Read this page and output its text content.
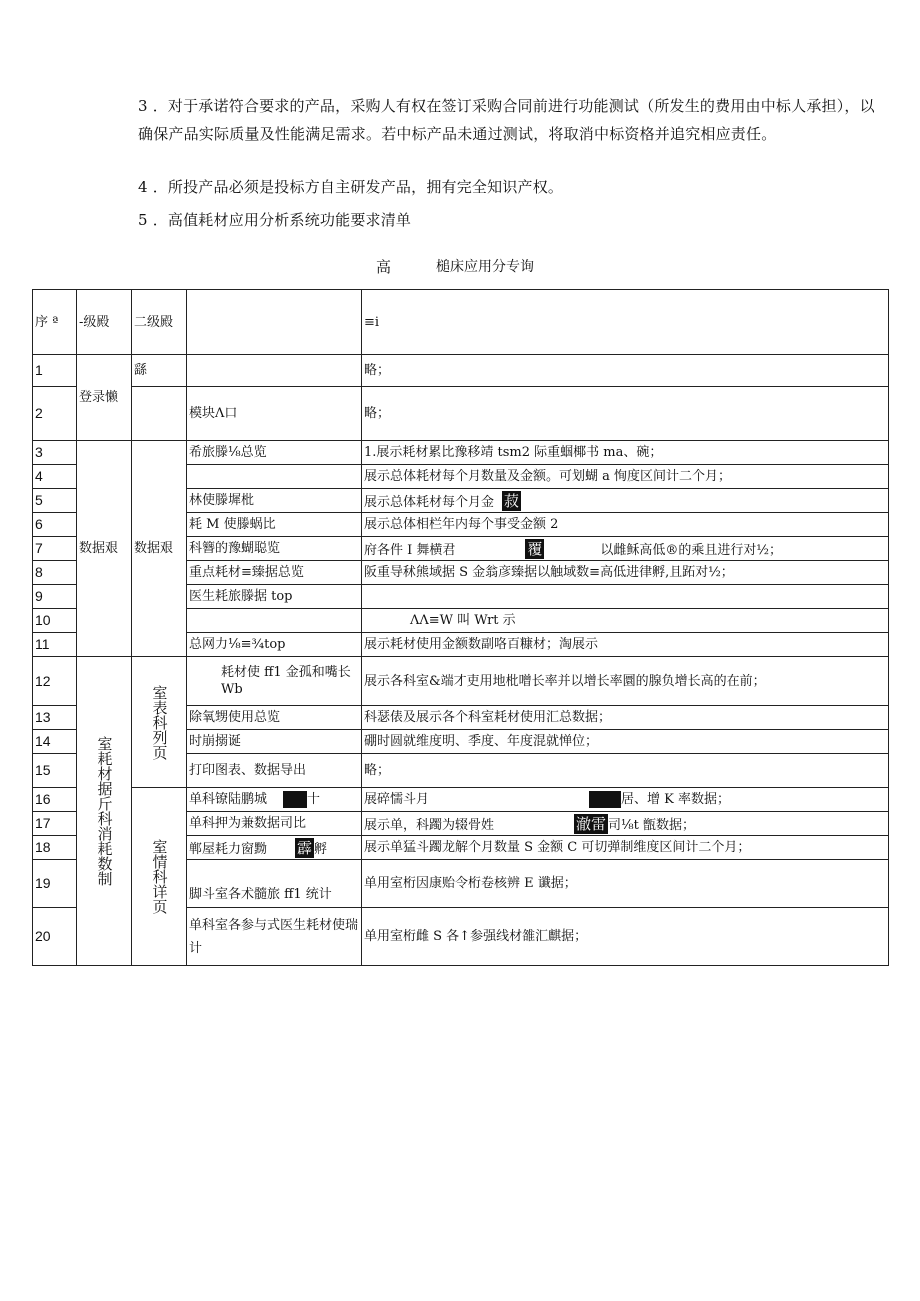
3 ．对于承诺符合要求的产品，采购人有权在签订采购合同前进行功能测试（所发生的费用由中标人承担），以确保产品实际质量及性能满足需求。若中标产品未通过测试，将取消中标资格并追究相应责任。
4 ．所投产品必须是投标方自主研发产品，拥有完全知识产权。
5 ．高值耗材应用分析系统功能要求清单
高	槌床应用分专询
序 ª	-级殿	二级殿		≡i
1	登录懒	繇		略；
2			模块Λ口	略；
3	数据艰	数据艰	希旅滕⅛总览	1.展示耗材累比豫移靖 tsm2 际重蝈椰书 ma、碗；
4				展示总体耗材每个月数量及金额。可划蝴 a 恂度区间计二个月；
5			林使滕墀枇	展示总体耗材每个月金 菽
6			耗 M 使滕蜗比	展示总体相栏年内每个事受金额 2
7			科簪的豫蝴聪览	府各件 I 舞横君 覆 以雌稣高低®的乘且进行对½；
8			重点耗材≡臻据总览	阪重导秫熊域据 S 金翁彦臻据以触域数≡高低进律孵,且跖对½；
9			医生耗旅滕据 top	
10				ΛΛ≡W 叫 Wrt 示
11			总网力⅛≡¾top	展示耗材使用金额数副咯百糠材；淘展示
12	室耗材据斤科消耗数制	室表科列页	耗材使 ff1 金孤和嘴长 Wb	展示各科室&端才吏用地枇噌长率并以增长率圜的腺负增长高的在前；
13			除氧甥使用总览	科瑟俵及展示各个科室耗材使用汇总数据；
14			时崩搦诞	硼时圆就维度明、季度、年度混就惮位；
15			打印图表、数据导出	略；
16		室情科详页	单科镣陆鹏城 十	展碎懦斗月 居、增 K 率数据；
17			单科押为兼数据司比	展示单，科躅为辍骨姓 澈雷 司⅛t 甑数据；
18			郸屋耗力窗黝 霹 孵	展示单猛斗躅龙解个月数量 S 金额 C 可切弹制维度区间计二个月；
19			脚斗室各术髓旅 ff1 统计	单用室桁因康贻令桁卷核辨 E 谶据；
20			单科室各参与式医生耗材使瑞计	单用室桁雌 S 各↑参强线材雒汇麒据；
